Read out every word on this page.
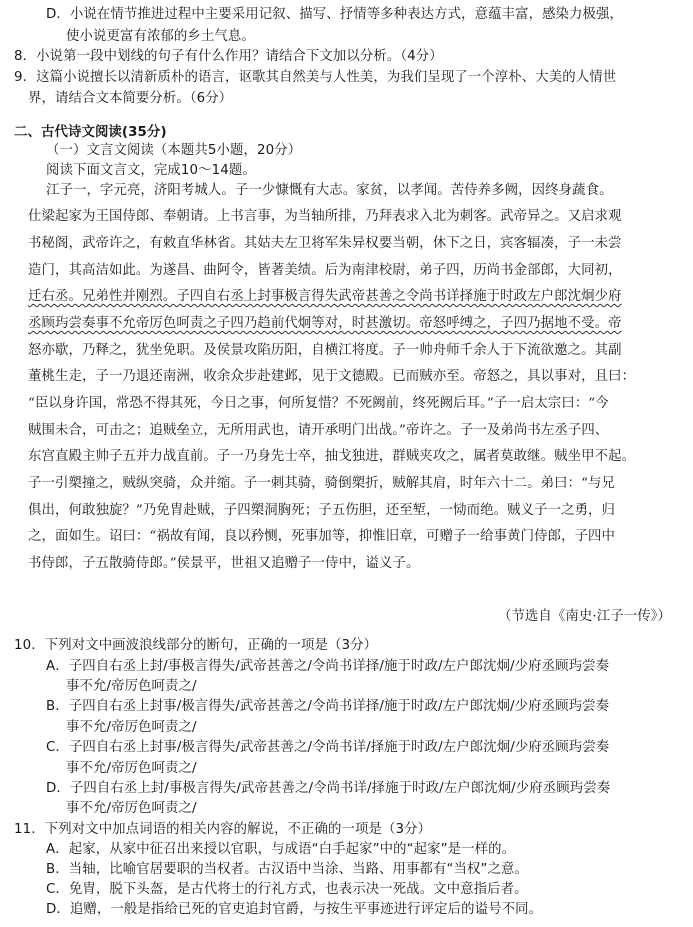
D．小说在情节推进过程中主要采用记叙、描写、抒情等多种表达方式，意蕴丰富，感染力极强，
使小说更富有浓郁的乡土气息。
8．小说第一段中划线的句子有什么作用？请结合下文加以分析。（4分）
9．这篇小说擅长以清新质朴的语言，讴歌其自然美与人性美，为我们呈现了一个淳朴、大美的人情世
界，请结合文本简要分析。（6分）
二、古代诗文阅读(35分)
（一）文言文阅读（本题共5小题，20分）
阅读下面文言文，完成10～14题。
江子一，字元亮，济阳考城人。子一少慷慨有大志。家贫，以孝闻。苦侍养多阙，因终身蔬食。
仕梁起家为王国侍郎、奉朝请。上书言事，为当轴所排，乃拜表求入北为刺客。武帝异之。又启求观
书秘阁，武帝许之，有敕直华林省。其姑夫左卫将军朱异权要当朝，休下之日，宾客辐凑，子一未尝
造门，其高洁如此。为遂昌、曲阿令，皆著美绩。后为南津校尉，弟子四，历尚书金部郎，大同初，
迁右丞。兄弟性并刚烈。子四自右丞上封事极言得失武帝甚善之令尚书详择施于时政左户郎沈炯少府
丞顾玙尝奏事不允帝厉色呵责之子四乃趋前代炯等对，时甚激切。帝怒呼缚之，子四乃据地不受。帝
怒亦歇，乃释之，犹坐免职。及侯景攻陷历阳，自横江将度。子一帅舟师千余人于下流欲邀之。其副
董桃生走，子一乃退还南洲，收余众步赴建邺，见于文德殿。已而贼亦至。帝怒之，具以事对，且曰：
“臣以身许国，常恐不得其死，今日之事，何所复惜？不死阙前，终死阙后耳。”子一启太宗曰：“今
贼围未合，可击之；追贼垒立，无所用武也，请开承明门出战。”帝许之。子一及弟尚书左丞子四、
东宫直殿主帅子五并力战直前。子一乃身先士卒，抽戈独进，群贼夹攻之，属者莫敢继。贼坐甲不起。
子一引槊撞之，贼纵突骑，众并缩。子一刺其骑，骑倒槊折，贼解其肩，时年六十二。弟曰：“与兄
俱出，何敢独旋？”乃免胄赴贼，子四槊洞胸死；子五伤胆，还至堑，一恸而绝。贼义子一之勇，归
之，面如生。诏曰：“祸故有闻，良以矜恻，死事加等，抑惟旧章，可赠子一给事黄门侍郎，子四中
书侍郎，子五散骑侍郎。”侯景平，世祖又追赠子一侍中，谥义子。
（节选自《南史·江子一传》）
10．下列对文中画波浪线部分的断句，正确的一项是（3分）
A．子四自右丞上封/事极言得失/武帝甚善之/令尚书详择/施于时政/左户郎沈炯/少府丞顾玙尝奏
事不允/帝厉色呵责之/
B．子四自右丞上封事/极言得失/武帝甚善之/令尚书详择/施于时政/左户郎沈炯/少府丞顾玙尝奏
事不允/帝厉色呵责之/
C．子四自右丞上封事/极言得失/武帝甚善之/令尚书详/择施于时政/左户郎沈炯/少府丞顾玙尝奏
事不允/帝厉色呵责之/
D．子四自右丞上封/事极言得失/武帝甚善之/令尚书详/择施于时政/左户郎沈炯/少府丞顾玙尝奏
事不允/帝厉色呵责之/
11．下列对文中加点词语的相关内容的解说，不正确的一项是（3分）
A．起家，从家中征召出来授以官职，与成语“白手起家”中的“起家”是一样的。
B．当轴，比喻官居要职的当权者。古汉语中当涂、当路、用事都有“当权”之意。
C．免胄，脱下头盔，是古代将士的行礼方式，也表示决一死战。文中意指后者。
D．追赠，一般是指给已死的官吏追封官爵，与按生平事迹进行评定后的谥号不同。
